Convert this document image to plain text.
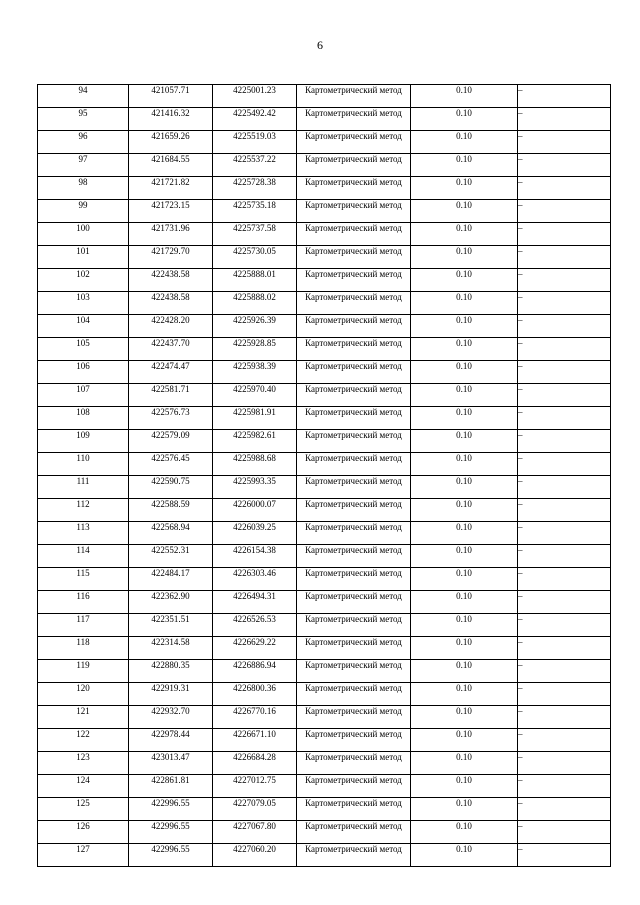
6
94	421057.71	4225001.23	Картометрический метод	0.10	–
95	421416.32	4225492.42	Картометрический метод	0.10	–
96	421659.26	4225519.03	Картометрический метод	0.10	–
97	421684.55	4225537.22	Картометрический метод	0.10	–
98	421721.82	4225728.38	Картометрический метод	0.10	–
99	421723.15	4225735.18	Картометрический метод	0.10	–
100	421731.96	4225737.58	Картометрический метод	0.10	–
101	421729.70	4225730.05	Картометрический метод	0.10	–
102	422438.58	4225888.01	Картометрический метод	0.10	–
103	422438.58	4225888.02	Картометрический метод	0.10	–
104	422428.20	4225926.39	Картометрический метод	0.10	–
105	422437.70	4225928.85	Картометрический метод	0.10	–
106	422474.47	4225938.39	Картометрический метод	0.10	–
107	422581.71	4225970.40	Картометрический метод	0.10	–
108	422576.73	4225981.91	Картометрический метод	0.10	–
109	422579.09	4225982.61	Картометрический метод	0.10	–
110	422576.45	4225988.68	Картометрический метод	0.10	–
111	422590.75	4225993.35	Картометрический метод	0.10	–
112	422588.59	4226000.07	Картометрический метод	0.10	–
113	422568.94	4226039.25	Картометрический метод	0.10	–
114	422552.31	4226154.38	Картометрический метод	0.10	–
115	422484.17	4226303.46	Картометрический метод	0.10	–
116	422362.90	4226494.31	Картометрический метод	0.10	–
117	422351.51	4226526.53	Картометрический метод	0.10	–
118	422314.58	4226629.22	Картометрический метод	0.10	–
119	422880.35	4226886.94	Картометрический метод	0.10	–
120	422919.31	4226800.36	Картометрический метод	0.10	–
121	422932.70	4226770.16	Картометрический метод	0.10	–
122	422978.44	4226671.10	Картометрический метод	0.10	–
123	423013.47	4226684.28	Картометрический метод	0.10	–
124	422861.81	4227012.75	Картометрический метод	0.10	–
125	422996.55	4227079.05	Картометрический метод	0.10	–
126	422996.55	4227067.80	Картометрический метод	0.10	–
127	422996.55	4227060.20	Картометрический метод	0.10	–
